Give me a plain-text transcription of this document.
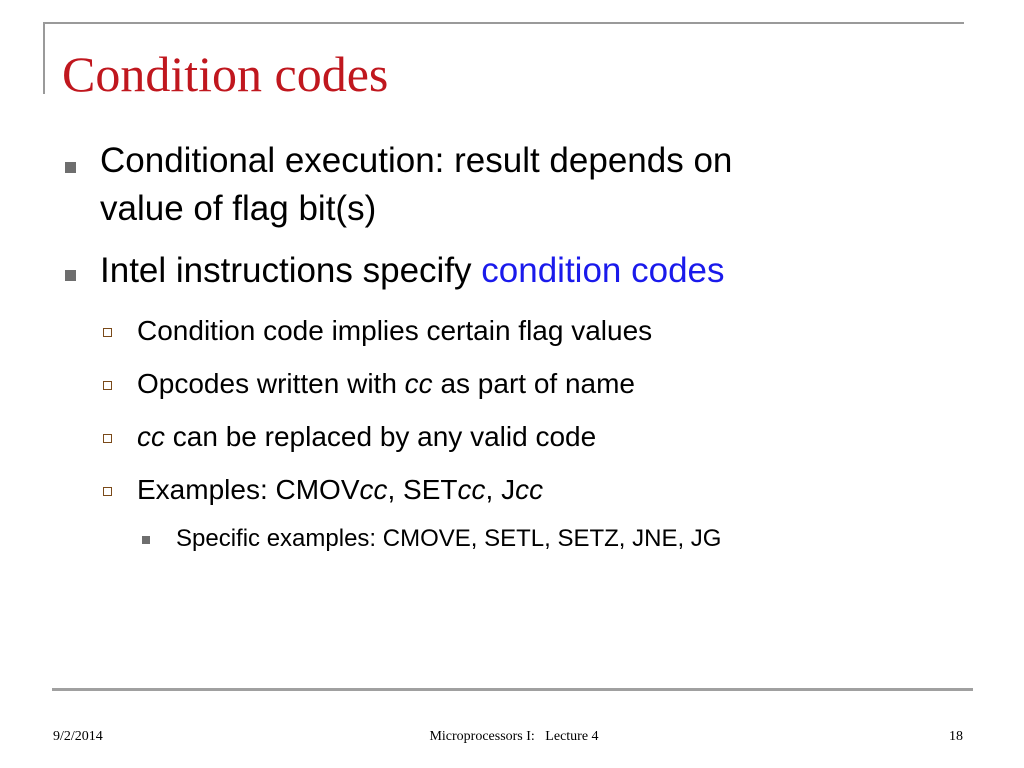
Condition codes
Conditional execution: result depends on
value of flag bit(s)
Intel instructions specify condition codes
Condition code implies certain flag values
Opcodes written with cc as part of name
cc can be replaced by any valid code
Examples: CMOVcc, SETcc, Jcc
Specific examples: CMOVE, SETL, SETZ, JNE, JG
9/2/2014	Microprocessors I:   Lecture 4	18
